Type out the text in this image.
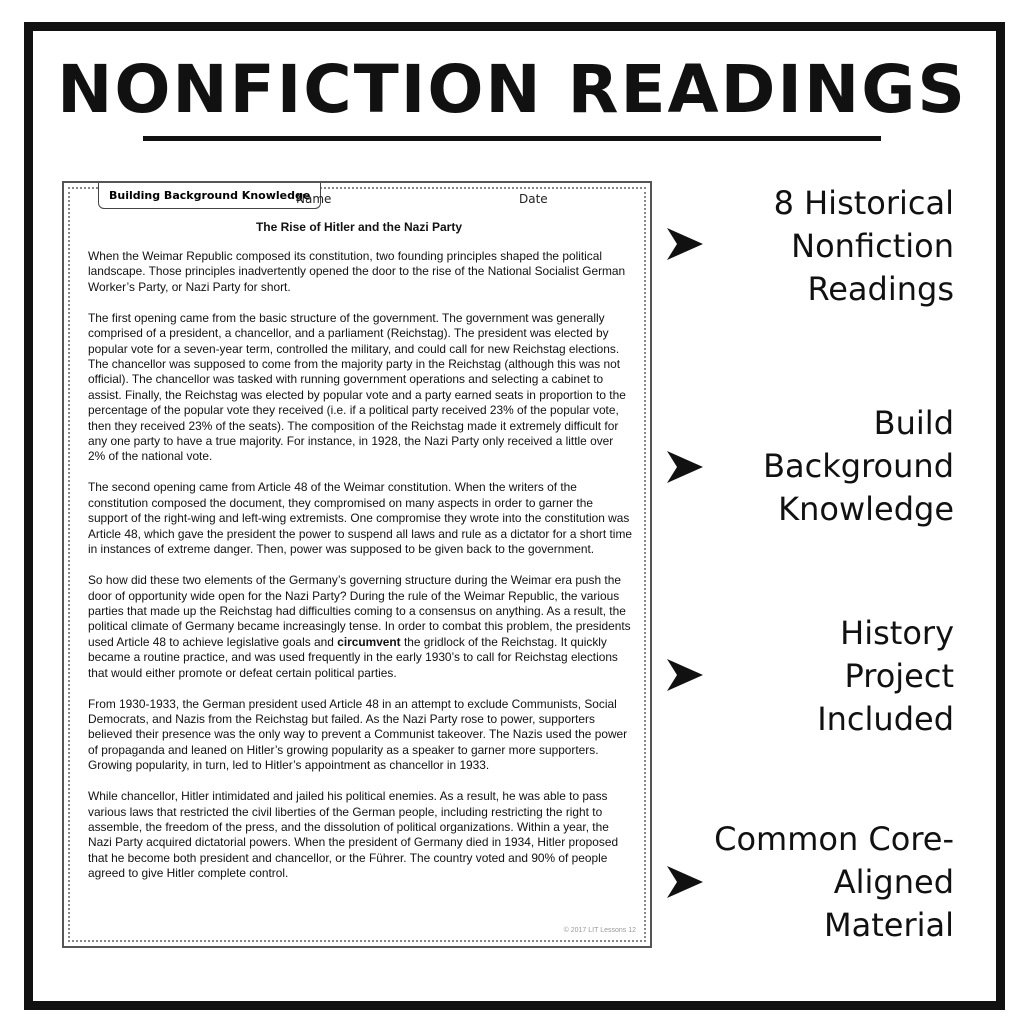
NONFICTION READINGS
Building Background Knowledge
Name	Date
The Rise of Hitler and the Nazi Party

When the Weimar Republic composed its constitution, two founding principles shaped the political landscape. Those principles inadvertently opened the door to the rise of the National Socialist German Worker’s Party, or Nazi Party for short.

The first opening came from the basic structure of the government. The government was generally comprised of a president, a chancellor, and a parliament (Reichstag). The president was elected by popular vote for a seven-year term, controlled the military, and could call for new Reichstag elections. The chancellor was supposed to come from the majority party in the Reichstag (although this was not official). The chancellor was tasked with running government operations and selecting a cabinet to assist. Finally, the Reichstag was elected by popular vote and a party earned seats in proportion to the percentage of the popular vote they received (i.e. if a political party received 23% of the popular vote, then they received 23% of the seats). The composition of the Reichstag made it extremely difficult for any one party to have a true majority. For instance, in 1928, the Nazi Party only received a little over 2% of the national vote.

The second opening came from Article 48 of the Weimar constitution. When the writers of the constitution composed the document, they compromised on many aspects in order to garner the support of the right-wing and left-wing extremists. One compromise they wrote into the constitution was Article 48, which gave the president the power to suspend all laws and rule as a dictator for a short time in instances of extreme danger. Then, power was supposed to be given back to the government.

So how did these two elements of the Germany’s governing structure during the Weimar era push the door of opportunity wide open for the Nazi Party? During the rule of the Weimar Republic, the various parties that made up the Reichstag had difficulties coming to a consensus on anything. As a result, the political climate of Germany became increasingly tense. In order to combat this problem, the presidents used Article 48 to achieve legislative goals and circumvent the gridlock of the Reichstag. It quickly became a routine practice, and was used frequently in the early 1930’s to call for Reichstag elections that would either promote or defeat certain political parties.

From 1930-1933, the German president used Article 48 in an attempt to exclude Communists, Social Democrats, and Nazis from the Reichstag but failed. As the Nazi Party rose to power, supporters believed their presence was the only way to prevent a Communist takeover. The Nazis used the power of propaganda and leaned on Hitler’s growing popularity as a speaker to garner more supporters. Growing popularity, in turn, led to Hitler’s appointment as chancellor in 1933.

While chancellor, Hitler intimidated and jailed his political enemies. As a result, he was able to pass various laws that restricted the civil liberties of the German people, including restricting the right to assemble, the freedom of the press, and the dissolution of political organizations. Within a year, the Nazi Party acquired dictatorial powers. When the president of Germany died in 1934, Hitler proposed that he become both president and chancellor, or the Führer. The country voted and 90% of people agreed to give Hitler complete control.

© 2017 LIT Lessons 12
8 Historical
Nonfiction
Readings
Build
Background
Knowledge
History
Project
Included
Common Core-
Aligned
Material
